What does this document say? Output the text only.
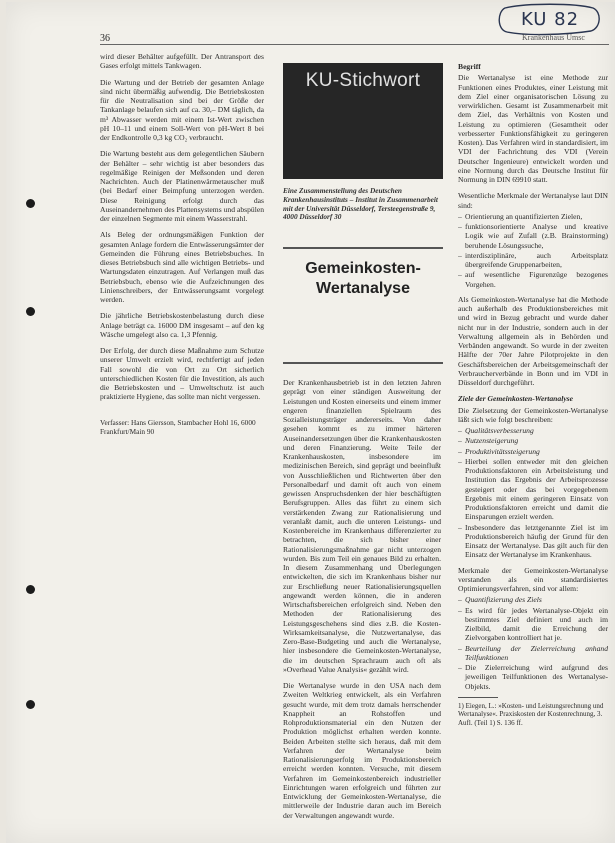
KU 82
36	Krankenhaus Umsc

wird dieser Behälter aufgefüllt. Der Antransport des Gases erfolgt mittels Tankwagen.

Die Wartung und der Betrieb der gesamten Anlage sind nicht übermäßig aufwendig. Die Betriebskosten für die Neutralisation sind bei der Größe der Tankanlage belaufen sich auf ca. 30,– DM täglich, da m³ Abwasser werden mit einem Ist-Wert zwischen pH 10–11 und einem Soll-Wert von pH-Wert 8 bei der Endkontrolle 0,3 kg CO₂ verbraucht.

Die Wartung besteht aus dem gelegentlichen Säubern der Behälter – sehr wichtig ist aber besonders das regelmäßige Reinigen der Meßsonden und deren Nachrichten. Auch der Platinenwärmetauscher muß (bei Bedarf einer Beimpfung unterzogen werden. Diese Reinigung erfolgt durch das Auseinandernehmen des Plattensystems und abspülen der einzelnen Segmente mit einem Wasserstrahl.

Als Beleg der ordnungsmäßigen Funktion der gesamten Anlage fordern die Entwässerungsämter der Gemeinden die Führung eines Betriebsbuches. In dieses Betriebsbuch sind alle wichtigen Betriebs- und Wartungsdaten einzutragen. Auf Verlangen muß das Betriebsbuch, ebenso wie die Aufzeichnungen des Linienschreibers, der Entwässerungsamt vorgelegt werden.

Die jährliche Betriebskostenbelastung durch diese Anlage beträgt ca. 16000 DM insgesamt – auf den kg Wäsche umgelegt also ca. 1,3 Pfennig.

Der Erfolg, der durch diese Maßnahme zum Schutze unserer Umwelt erzielt wird, rechtfertigt auf jeden Fall sowohl die von Ort zu Ort sicherlich unterschiedlichen Kosten für die Investition, als auch die Betriebskosten und – Umweltschutz ist auch praktizierte Hygiene, das sollte man nicht vergessen.

Verfasser: Hans Giersson, Stambacher Hohl 16, 6000 Frankfurt/Main 90

KU-Stichwort
Eine Zusammenstellung des Deutschen Krankenhausinstituts – Institut in Zusammenarbeit mit der Universität Düsseldorf, Tersteegenstraße 9, 4000 Düsseldorf 30
Gemeinkosten-
Wertanalyse

Der Krankenhausbetrieb ist in den letzten Jahren geprägt von einer ständigen Ausweitung der Leistungen und Kosten einerseits und einem immer engeren finanziellen Spielraum des Sozialleistungsträger andererseits. Von daher gesehen kommt es zu immer härteren Auseinandersetzungen über die Krankenhauskosten und deren Finanzierung. Weite Teile der Krankenhauskosten, insbesondere im medizinischen Bereich, sind geprägt und beeinflußt von Ausschließlichen und Richtwerten über den Personalbedarf und damit oft auch von einem gewissen Anspruchsdenken der hier beschäftigten Berufsgruppen. Alles das führt zu einem sich verstärkenden Zwang zur Rationalisierung und veranlaßt damit, auch die unteren Leistungs- und Kostenbereiche im Krankenhaus differenzierter zu betrachten, die sich bisher einer Rationalisierungsmaßnahme gar nicht unterzogen wurden. Bis zum Teil ein genaues Bild zu erhalten. In diesem Zusammenhang und Überlegungen entwickelten, die sich im Krankenhaus bisher nur zur Erschließung neuer Rationalisierungsquellen angewandt werden können, die in anderen Wirtschaftsbereichen erfolgreich sind. Neben den Methoden der Rationalisierung des Leistungsgeschehens sind dies z.B. die Kosten-Wirksamkeitsanalyse, die Nutzwertanalyse, das Zero-Base-Budgeting und auch die Wertanalyse, hier insbesondere die Gemeinkosten-Wertanalyse, die im deutschen Sprachraum auch oft als »Overhead Value Analysis« gezählt wird.

Die Wertanalyse wurde in den USA nach dem Zweiten Weltkrieg entwickelt, als ein Verfahren gesucht wurde, mit dem trotz damals herrschender Knappheit an Rohstoffen und Rohproduktionsmaterial ein den Nutzen der Produktion möglichst erhalten werden konnte. Beiden Arbeiten stellte sich heraus, daß mit dem Verfahren der Wertanalyse beim Rationalisierungserfolg im Produktionsbereich erreicht werden konnten. Versuche, mit diesem Verfahren im Gemeinkostenbereich industrieller Einrichtungen waren erfolgreich und führten zur Entwicklung der Gemeinkosten-Wertanalyse, die mittlerweile der Industrie daran auch im Bereich der Verwaltungen angewandt wurde.

Begriff

Die Wertanalyse ist eine Methode zur Funktionen eines Produktes, einer Leistung mit dem Ziel einer organisatorischen Lösung zu verwirklichen. Gesamt ist Zusammenarbeit mit dem Ziel, das Verhältnis von Kosten und Leistung zu optimieren (Gesamtheit oder verbesserter Funktionsfähigkeit zu geringeren Kosten). Das Verfahren wird in standardisiert, im VDI der Fachrichtung des VDI (Verein Deutscher Ingenieure) entwickelt worden und eine Normung durch das Deutsche Institut für Normung in DIN 69910 statt.

Wesentliche Merkmale der Wertanalyse laut DIN sind:

– Orientierung an quantifizierten Zielen,
– funktionsorientierte Analyse und kreative Logik wie auf Zufall (z.B. Brainstorming) beruhende Lösungssuche,
– interdisziplinäre, auch Arbeitsplatz übergreifende Gruppenarbeiten,
– auf wesentliche Figurenzüge bezogenes Vorgehen.

Als Gemeinkosten-Wertanalyse hat die Methode auch außerhalb des Produktionsbereiches mit und wird in Bezug gebracht und wurde daher nicht nur in der Industrie, sondern auch in der Verwaltung allgemein als in Behörden und Verbänden angewandt. So wurde in der zweiten Hälfte der 70er Jahre Pilotprojekte in den Geschäftsbereichen der Arbeitsgemeinschaft der Verbraucherverbände in Bonn und im VDI in Düsseldorf durchgeführt.

Ziele der Gemeinkosten-Wertanalyse

Die Zielsetzung der Gemeinkosten-Wertanalyse läßt sich wie folgt beschreiben:

– Qualitätsverbesserung
– Nutzensteigerung
– Produktivitätssteigerung
– Hierbei sollen entweder mit den gleichen Produktionsfaktoren ein Arbeitsleistung und Institution das Ergebnis der Arbeitsprozesse gesteigert oder das bei vorgegebenem Ergebnis mit einem geringeren Einsatz von Produktionsfaktoren erreicht und damit die Einsparungen erzielt werden.
– Insbesondere das letztgenannte Ziel ist im Produktionsbereich häufig der Grund für den Einsatz der Wertanalyse. Das gilt auch für den Einsatz der Wertanalyse im Krankenhaus.

Merkmale der Gemeinkosten-Wertanalyse verstanden als ein standardisiertes Optimierungsverfahren, sind vor allem:

– Quantifizierung des Ziels
– Es wird für jedes Wertanalyse-Objekt ein bestimmtes Ziel definiert und auch im Zielbild, damit die Erreichung der Zielvorgaben kontrolliert hat je.
– Beurteilung der Zielerreichung anhand Teilfunktionen
– Die Zielerreichung wird aufgrund des jeweiligen Teilfunktionen des Wertanalyse-Objekts.
1) Eiegen, L.: »Kosten- und Leistungsrechnung und Wertanalyse«. Praxiskosten der Kostenrechnung, 3. Aufl. (Teil 1) S. 136 ff.
